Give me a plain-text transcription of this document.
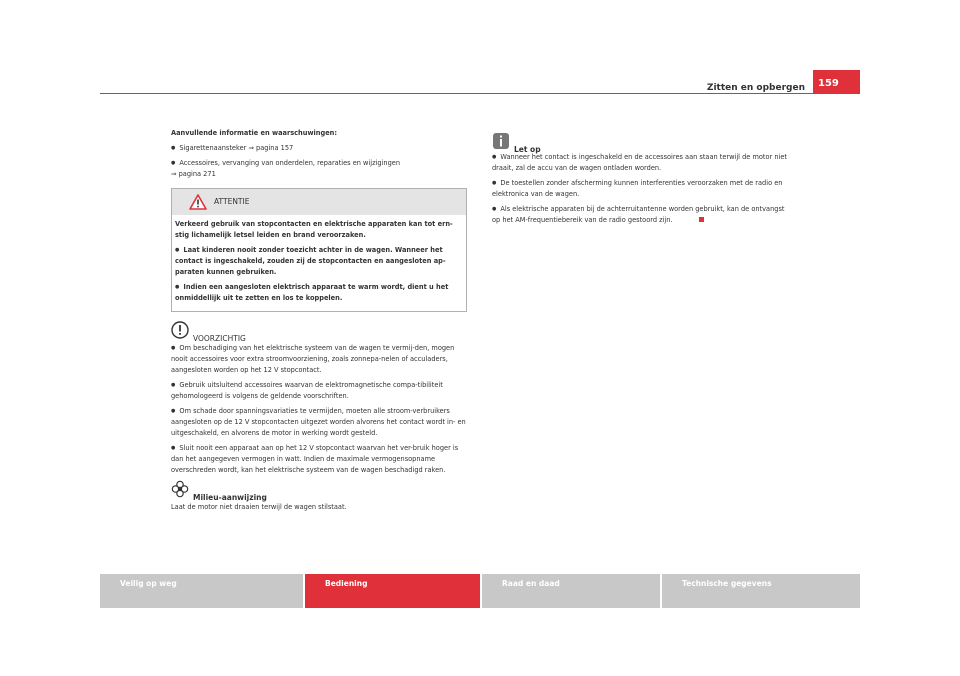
Zitten en opbergen	159

Aanvullende informatie en waarschuwingen:

● Sigarettenaansteker ⇒ pagina 157

● Accessoires, vervanging van onderdelen, reparaties en wijzigingen
⇒ pagina 271

ATTENTIE

Verkeerd gebruik van stopcontacten en elektrische apparaten kan tot ern-stig lichamelijk letsel leiden en brand veroorzaken.

● Laat kinderen nooit zonder toezicht achter in de wagen. Wanneer het contact is ingeschakeld, zouden zij de stopcontacten en aangesloten ap-paraten kunnen gebruiken.

● Indien een aangesloten elektrisch apparaat te warm wordt, dient u het onmiddellijk uit te zetten en los te koppelen.

VOORZICHTIG

● Om beschadiging van het elektrische systeem van de wagen te vermij-den, mogen nooit accessoires voor extra stroomvoorziening, zoals zonnepa-nelen of acculaders, aangesloten worden op het 12 V stopcontact.

● Gebruik uitsluitend accessoires waarvan de elektromagnetische compa-tibiliteit gehomologeerd is volgens de geldende voorschriften.

● Om schade door spanningsvariaties te vermijden, moeten alle stroom-verbruikers aangesloten op de 12 V stopcontacten uitgezet worden alvorens het contact wordt in- en uitgeschakeld, en alvorens de motor in werking wordt gesteld.

● Sluit nooit een apparaat aan op het 12 V stopcontact waarvan het ver-bruik hoger is dan het aangegeven vermogen in watt. Indien de maximale vermogensopname overschreden wordt, kan het elektrische systeem van de wagen beschadigd raken.

Milieu-aanwijzing

Laat de motor niet draaien terwijl de wagen stilstaat.

Let op

● Wanneer het contact is ingeschakeld en de accessoires aan staan terwijl de motor niet draait, zal de accu van de wagen ontladen worden.

● De toestellen zonder afscherming kunnen interferenties veroorzaken met de radio en elektronica van de wagen.

● Als elektrische apparaten bij de achterruitantenne worden gebruikt, kan de ontvangst op het AM-frequentiebereik van de radio gestoord zijn.

Veilig op weg	Bediening	Raad en daad	Technische gegevens
